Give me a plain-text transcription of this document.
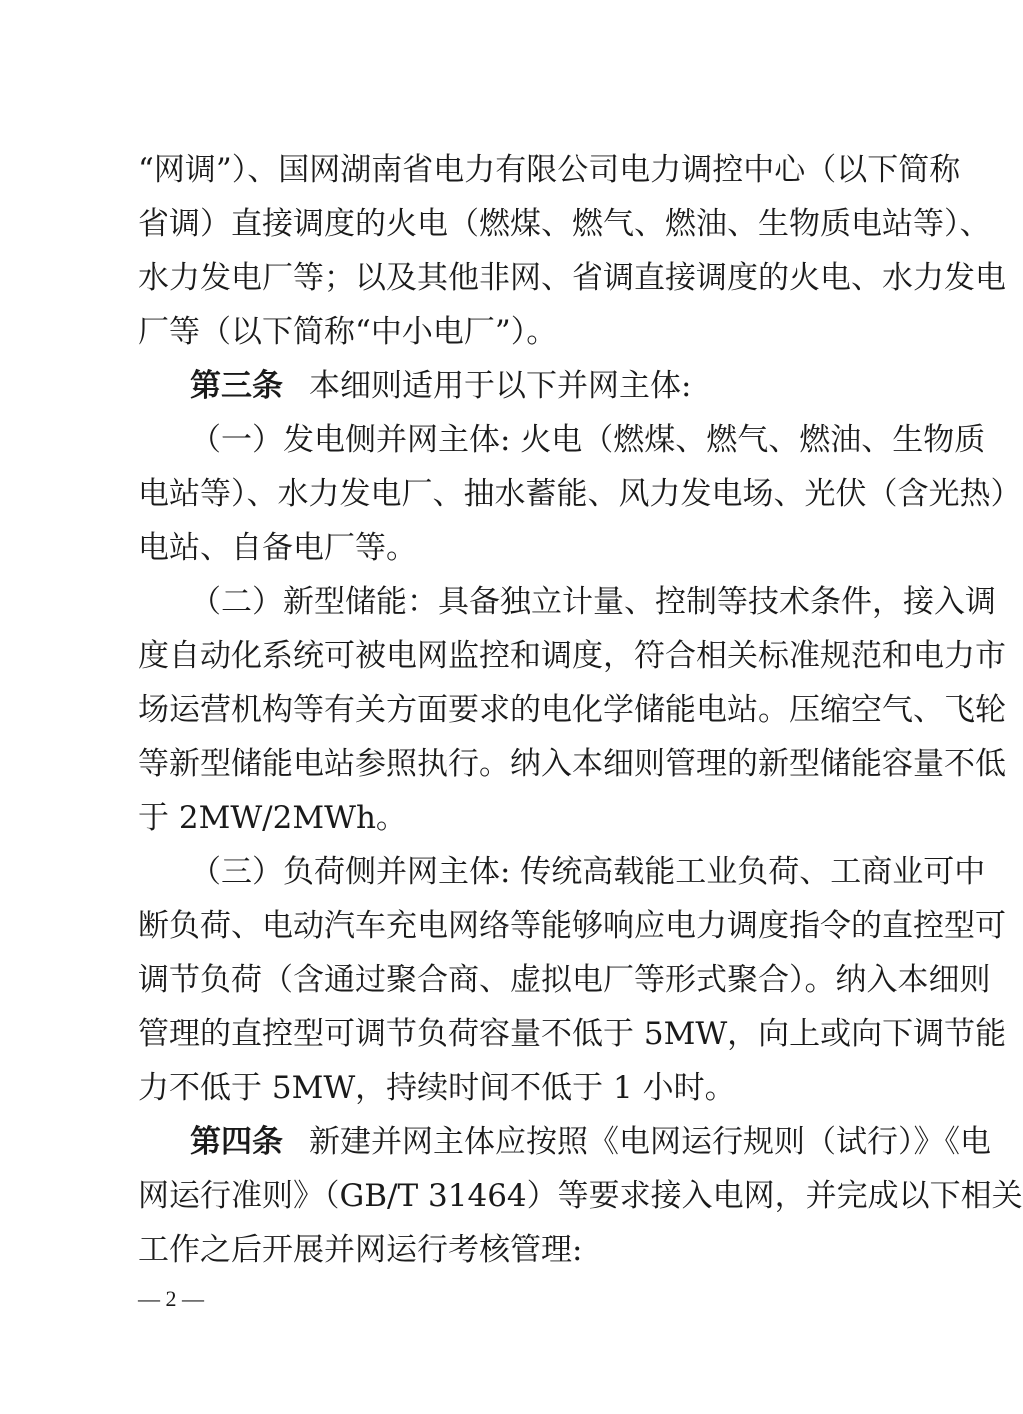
“网调”）、国网湖南省电力有限公司电力调控中心（以下简称
省调）直接调度的火电（燃煤、燃气、燃油、生物质电站等）、
水力发电厂等；以及其他非网、省调直接调度的火电、水力发电
厂等（以下简称“中小电厂”）。
第三条 本细则适用于以下并网主体:
（一）发电侧并网主体: 火电（燃煤、燃气、燃油、生物质
电站等）、水力发电厂、抽水蓄能、风力发电场、光伏（含光热）
电站、自备电厂等。
（二）新型储能：具备独立计量、控制等技术条件，接入调
度自动化系统可被电网监控和调度，符合相关标准规范和电力市
场运营机构等有关方面要求的电化学储能电站。压缩空气、飞轮
等新型储能电站参照执行。纳入本细则管理的新型储能容量不低
于 2MW/2MWh。
（三）负荷侧并网主体: 传统高载能工业负荷、工商业可中
断负荷、电动汽车充电网络等能够响应电力调度指令的直控型可
调节负荷（含通过聚合商、虚拟电厂等形式聚合）。纳入本细则
管理的直控型可调节负荷容量不低于 5MW，向上或向下调节能
力不低于 5MW，持续时间不低于 1 小时。
第四条 新建并网主体应按照《电网运行规则（试行）》《电
网运行准则》（GB/T 31464）等要求接入电网，并完成以下相关
工作之后开展并网运行考核管理:
— 2 —
